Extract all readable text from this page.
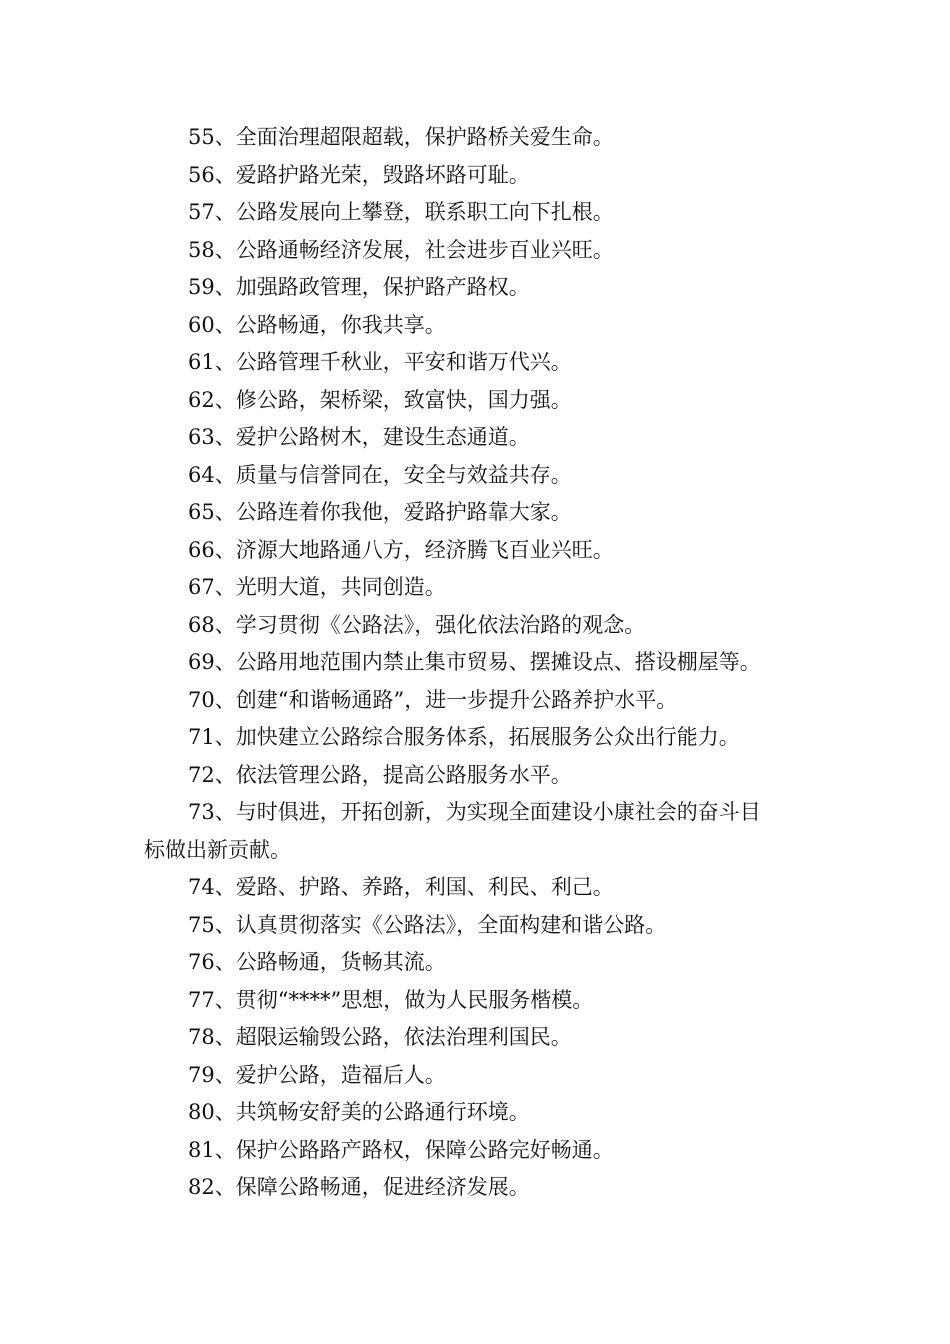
55、全面治理超限超载，保护路桥关爱生命。

56、爱路护路光荣，毁路坏路可耻。

57、公路发展向上攀登，联系职工向下扎根。

58、公路通畅经济发展，社会进步百业兴旺。

59、加强路政管理，保护路产路权。

60、公路畅通，你我共享。

61、公路管理千秋业，平安和谐万代兴。

62、修公路，架桥梁，致富快，国力强。

63、爱护公路树木，建设生态通道。

64、质量与信誉同在，安全与效益共存。

65、公路连着你我他，爱路护路靠大家。

66、济源大地路通八方，经济腾飞百业兴旺。

67、光明大道，共同创造。

68、学习贯彻《公路法》，强化依法治路的观念。

69、公路用地范围内禁止集市贸易、摆摊设点、搭设棚屋等。

70、创建“和谐畅通路”，进一步提升公路养护水平。

71、加快建立公路综合服务体系，拓展服务公众出行能力。

72、依法管理公路，提高公路服务水平。

73、与时俱进，开拓创新，为实现全面建设小康社会的奋斗目
标做出新贡献。

74、爱路、护路、养路，利国、利民、利己。

75、认真贯彻落实《公路法》，全面构建和谐公路。

76、公路畅通，货畅其流。

77、贯彻“****”思想，做为人民服务楷模。

78、超限运输毁公路，依法治理利国民。

79、爱护公路，造福后人。

80、共筑畅安舒美的公路通行环境。

81、保护公路路产路权，保障公路完好畅通。

82、保障公路畅通，促进经济发展。
